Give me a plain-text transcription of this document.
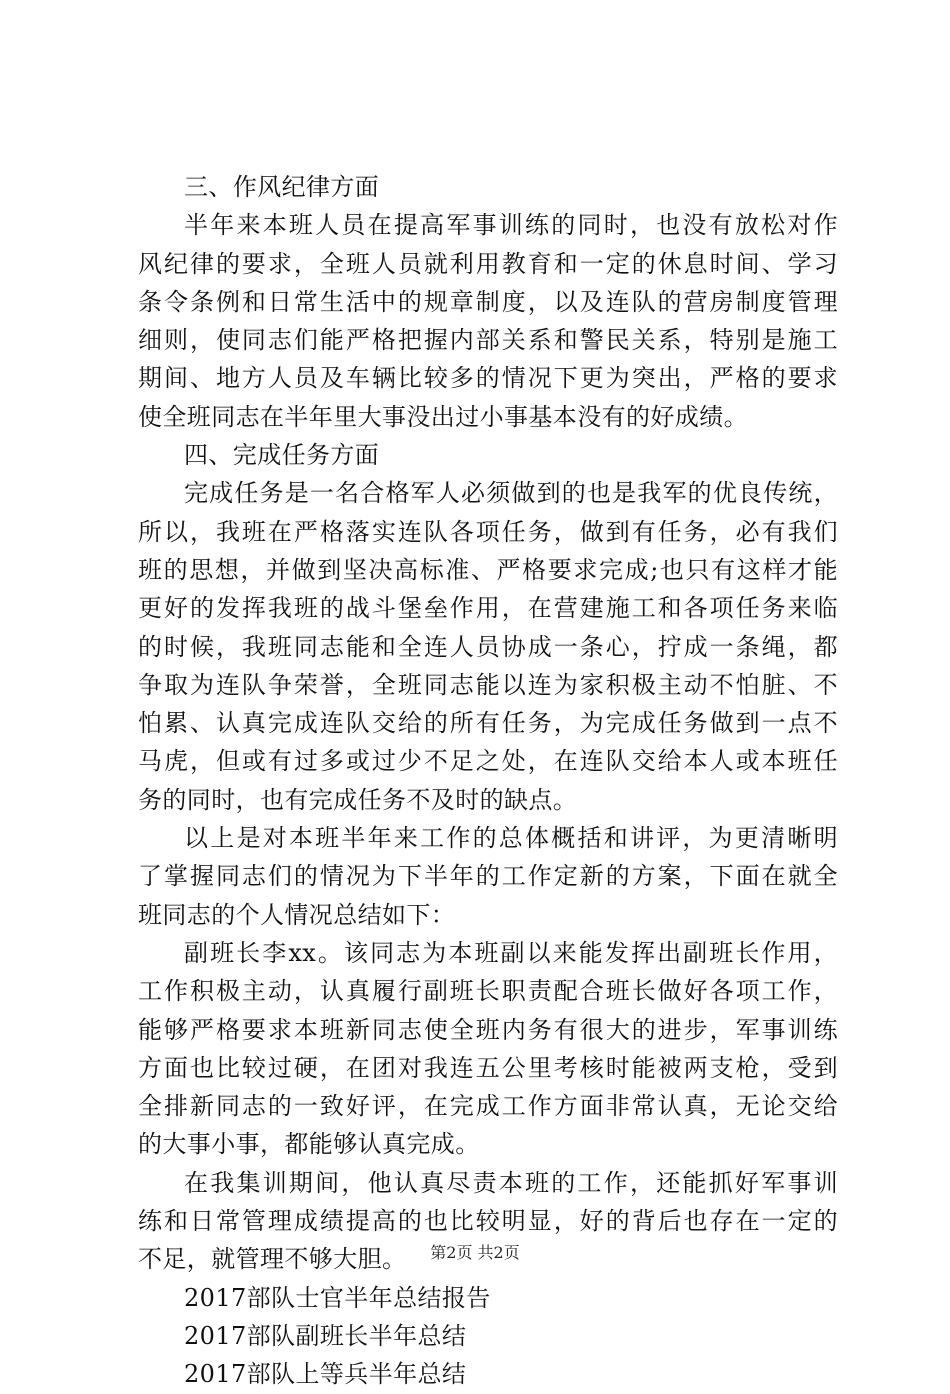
三、作风纪律方面
半年来本班人员在提高军事训练的同时，也没有放松对作
风纪律的要求，全班人员就利用教育和一定的休息时间、学习
条令条例和日常生活中的规章制度，以及连队的营房制度管理
细则，使同志们能严格把握内部关系和警民关系，特别是施工
期间、地方人员及车辆比较多的情况下更为突出，严格的要求
使全班同志在半年里大事没出过小事基本没有的好成绩。
四、完成任务方面
完成任务是一名合格军人必须做到的也是我军的优良传统，
所以，我班在严格落实连队各项任务，做到有任务，必有我们
班的思想，并做到坚决高标准、严格要求完成;也只有这样才能
更好的发挥我班的战斗堡垒作用，在营建施工和各项任务来临
的时候，我班同志能和全连人员协成一条心，拧成一条绳，都
争取为连队争荣誉，全班同志能以连为家积极主动不怕脏、不
怕累、认真完成连队交给的所有任务，为完成任务做到一点不
马虎，但或有过多或过少不足之处，在连队交给本人或本班任
务的同时，也有完成任务不及时的缺点。
以上是对本班半年来工作的总体概括和讲评，为更清晰明
了掌握同志们的情况为下半年的工作定新的方案，下面在就全
班同志的个人情况总结如下：
副班长李xx。该同志为本班副以来能发挥出副班长作用，
工作积极主动，认真履行副班长职责配合班长做好各项工作，
能够严格要求本班新同志使全班内务有很大的进步，军事训练
方面也比较过硬，在团对我连五公里考核时能被两支枪，受到
全排新同志的一致好评，在完成工作方面非常认真，无论交给
的大事小事，都能够认真完成。
在我集训期间，他认真尽责本班的工作，还能抓好军事训
练和日常管理成绩提高的也比较明显，好的背后也存在一定的
不足，就管理不够大胆。
2017部队士官半年总结报告
2017部队副班长半年总结
2017部队上等兵半年总结
第2页 共2页
